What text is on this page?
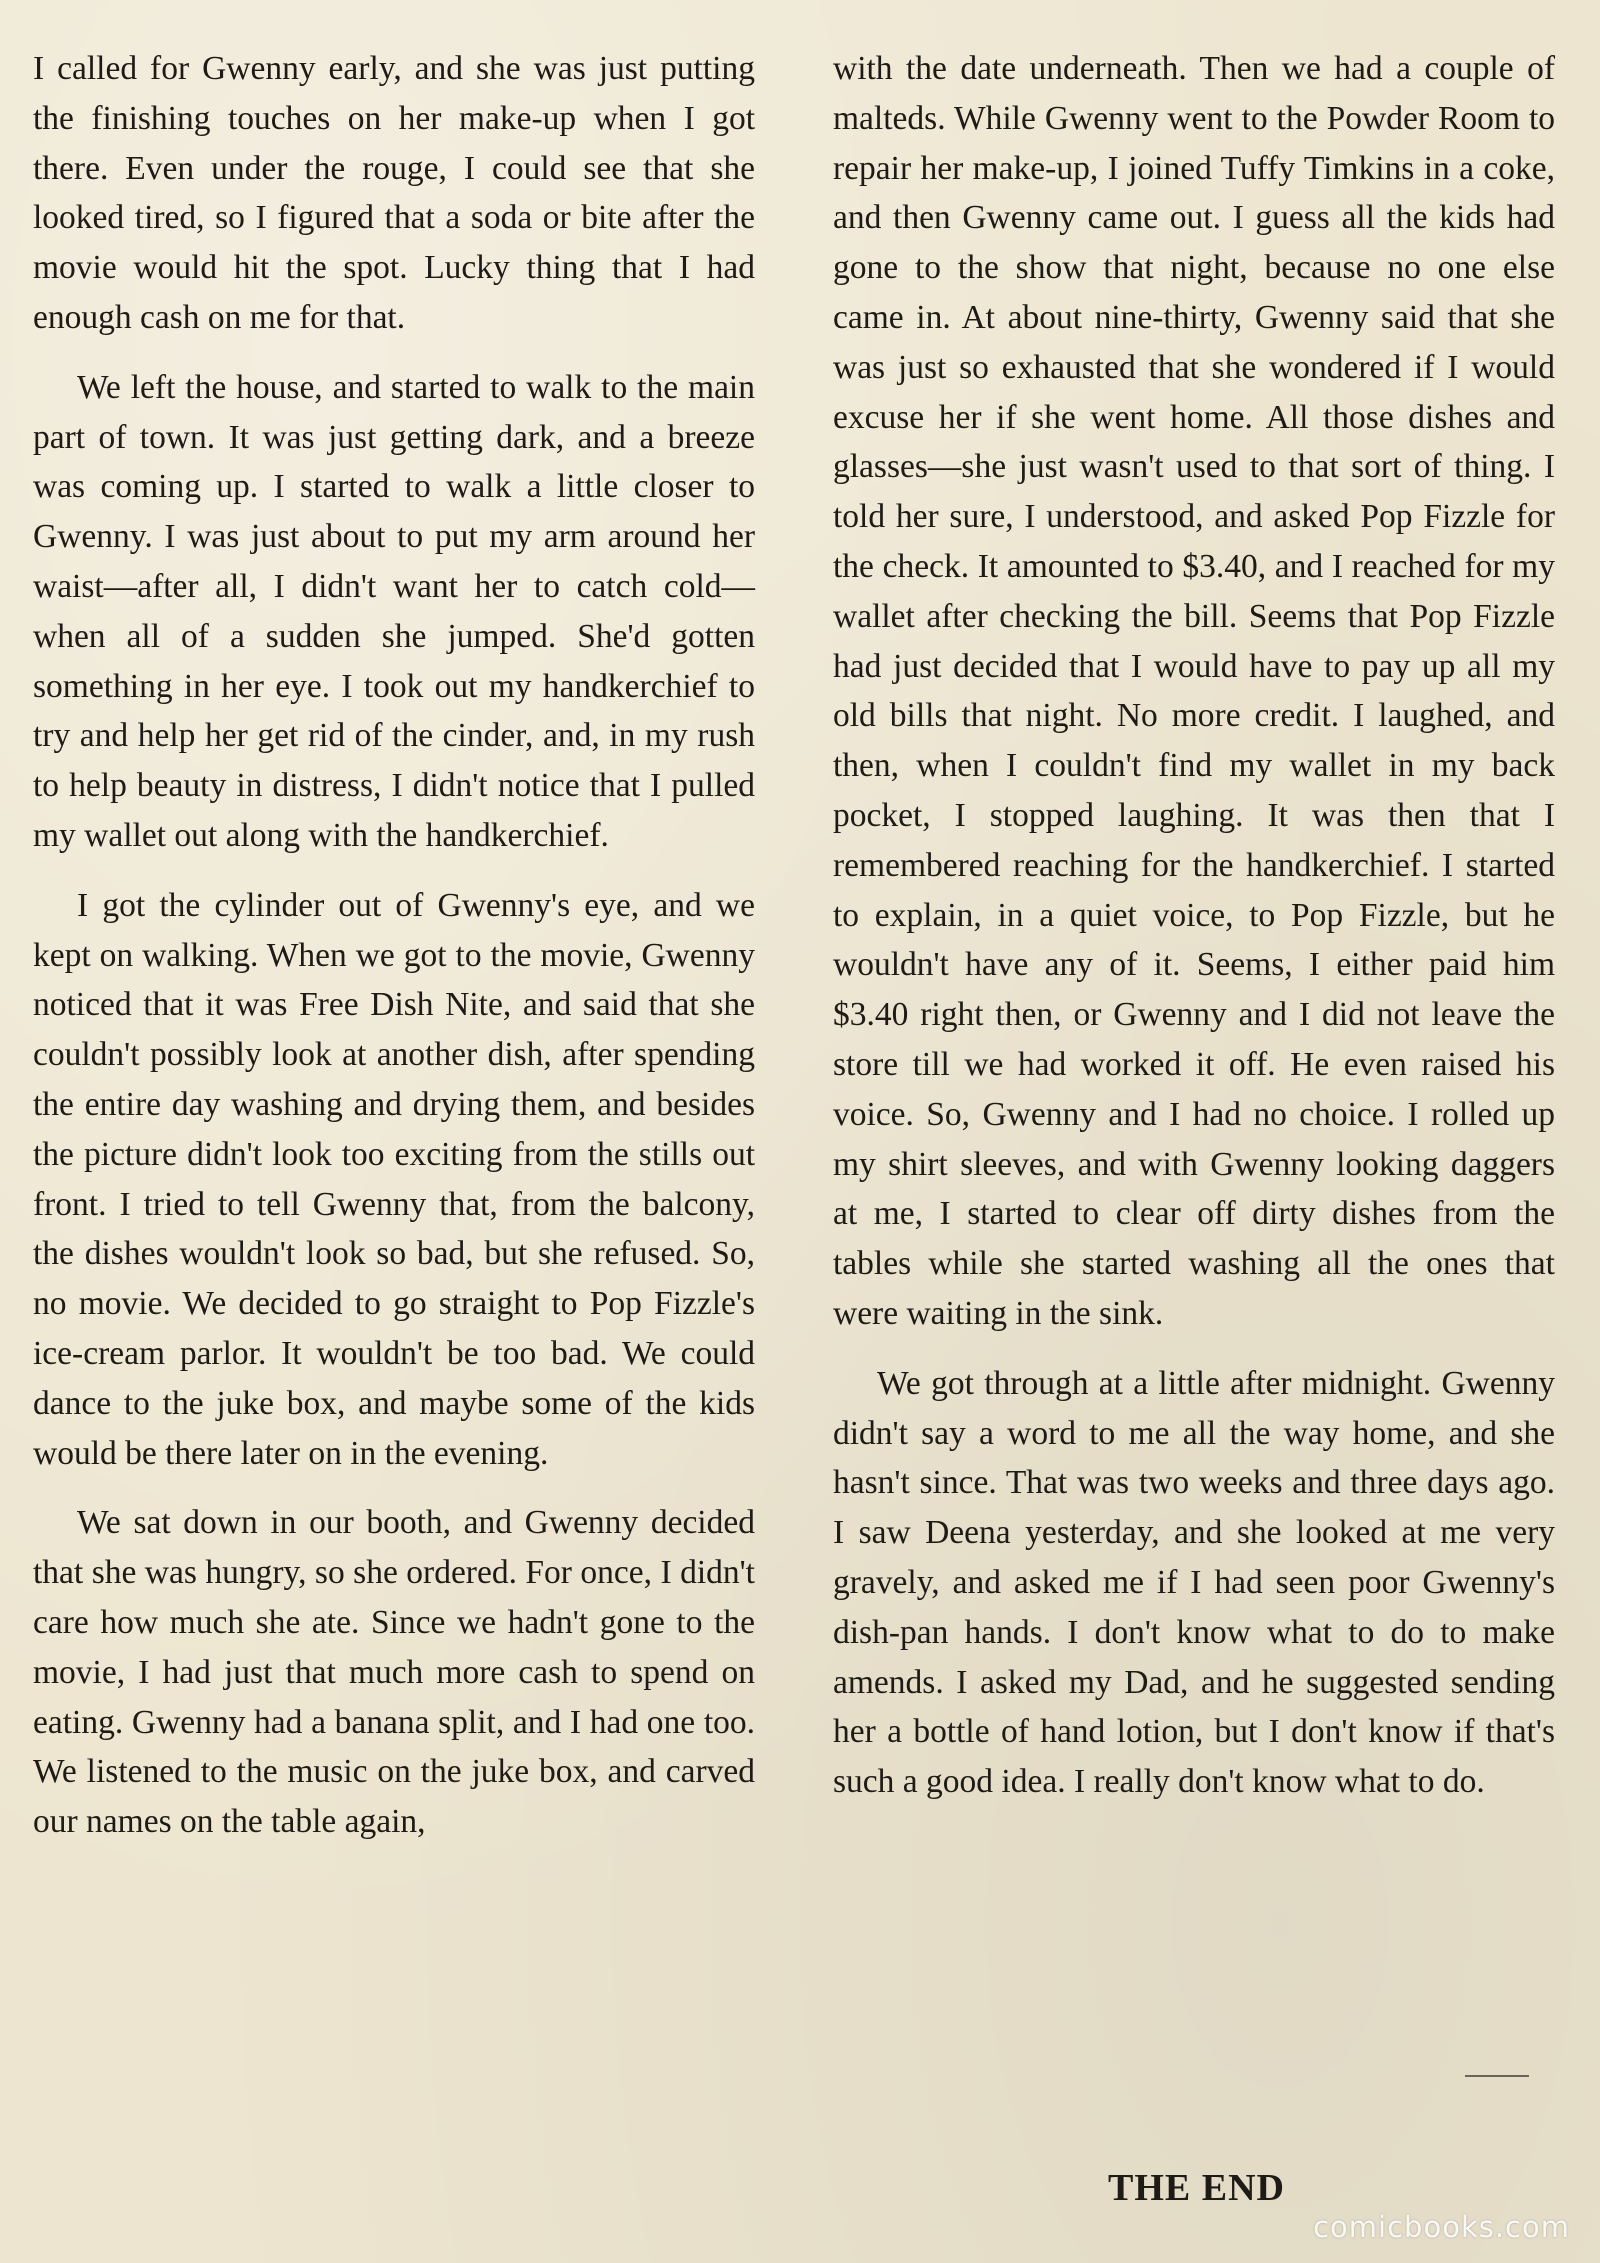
I called for Gwenny early, and she was just putting the finishing touches on her make-up when I got there. Even under the rouge, I could see that she looked tired, so I figured that a soda or bite after the movie would hit the spot. Lucky thing that I had enough cash on me for that.

We left the house, and started to walk to the main part of town. It was just getting dark, and a breeze was coming up. I started to walk a little closer to Gwenny. I was just about to put my arm around her waist—after all, I didn't want her to catch cold—when all of a sudden she jumped. She'd gotten something in her eye. I took out my handkerchief to try and help her get rid of the cinder, and, in my rush to help beauty in distress, I didn't notice that I pulled my wallet out along with the handkerchief.

I got the cylinder out of Gwenny's eye, and we kept on walking. When we got to the movie, Gwenny noticed that it was Free Dish Nite, and said that she couldn't possibly look at another dish, after spending the entire day washing and drying them, and besides the picture didn't look too exciting from the stills out front. I tried to tell Gwenny that, from the balcony, the dishes wouldn't look so bad, but she refused. So, no movie. We decided to go straight to Pop Fizzle's ice-cream parlor. It wouldn't be too bad. We could dance to the juke box, and maybe some of the kids would be there later on in the evening.

We sat down in our booth, and Gwenny decided that she was hungry, so she ordered. For once, I didn't care how much she ate. Since we hadn't gone to the movie, I had just that much more cash to spend on eating. Gwenny had a banana split, and I had one too. We listened to the music on the juke box, and carved our names on the table again,

with the date underneath. Then we had a couple of malteds. While Gwenny went to the Powder Room to repair her make-up, I joined Tuffy Timkins in a coke, and then Gwenny came out. I guess all the kids had gone to the show that night, because no one else came in. At about nine-thirty, Gwenny said that she was just so exhausted that she wondered if I would excuse her if she went home. All those dishes and glasses—she just wasn't used to that sort of thing. I told her sure, I understood, and asked Pop Fizzle for the check. It amounted to $3.40, and I reached for my wallet after checking the bill. Seems that Pop Fizzle had just decided that I would have to pay up all my old bills that night. No more credit. I laughed, and then, when I couldn't find my wallet in my back pocket, I stopped laughing. It was then that I remembered reaching for the handkerchief. I started to explain, in a quiet voice, to Pop Fizzle, but he wouldn't have any of it. Seems, I either paid him $3.40 right then, or Gwenny and I did not leave the store till we had worked it off. He even raised his voice. So, Gwenny and I had no choice. I rolled up my shirt sleeves, and with Gwenny looking daggers at me, I started to clear off dirty dishes from the tables while she started washing all the ones that were waiting in the sink.

We got through at a little after midnight. Gwenny didn't say a word to me all the way home, and she hasn't since. That was two weeks and three days ago. I saw Deena yesterday, and she looked at me very gravely, and asked me if I had seen poor Gwenny's dish-pan hands. I don't know what to do to make amends. I asked my Dad, and he suggested sending her a bottle of hand lotion, but I don't know if that's such a good idea. I really don't know what to do.

THE END
comicbooks.com
